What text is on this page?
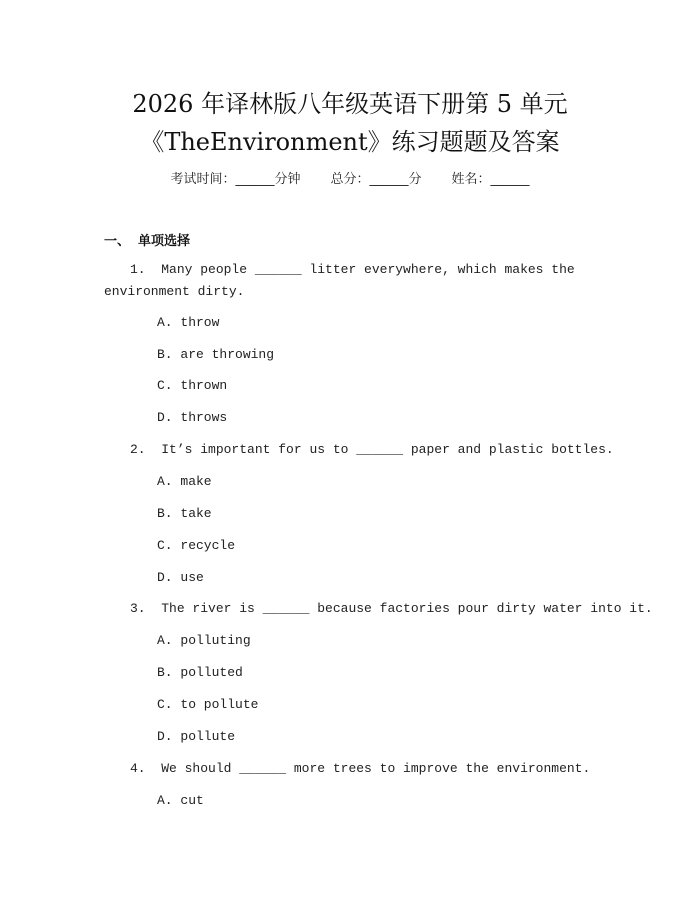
2026 年译林版八年级英语下册第 5 单元
《TheEnvironment》练习题题及答案
考试时间：______分钟 总分：______分 姓名：______
一、 单项选择
1. Many people ______ litter everywhere, which makes the
environment dirty.
A. throw
B. are throwing
C. thrown
D. throws
2. It’s important for us to ______ paper and plastic bottles.
A. make
B. take
C. recycle
D. use
3. The river is ______ because factories pour dirty water into it.
A. polluting
B. polluted
C. to pollute
D. pollute
4. We should ______ more trees to improve the environment.
A. cut
